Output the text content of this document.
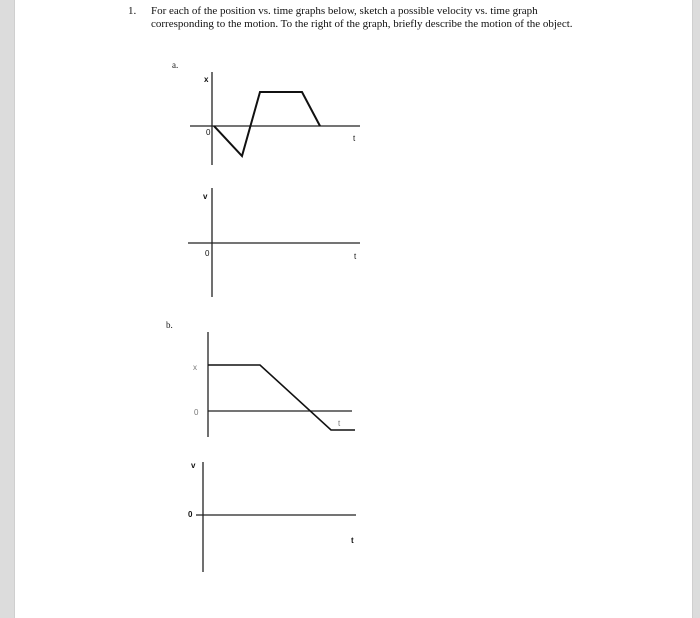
1. For each of the position vs. time graphs below, sketch a possible velocity vs. time graph corresponding to the motion. To the right of the graph, briefly describe the motion of the object.
a.
x
0
t
v
0	t
b.
x
0
t
v
0
t
